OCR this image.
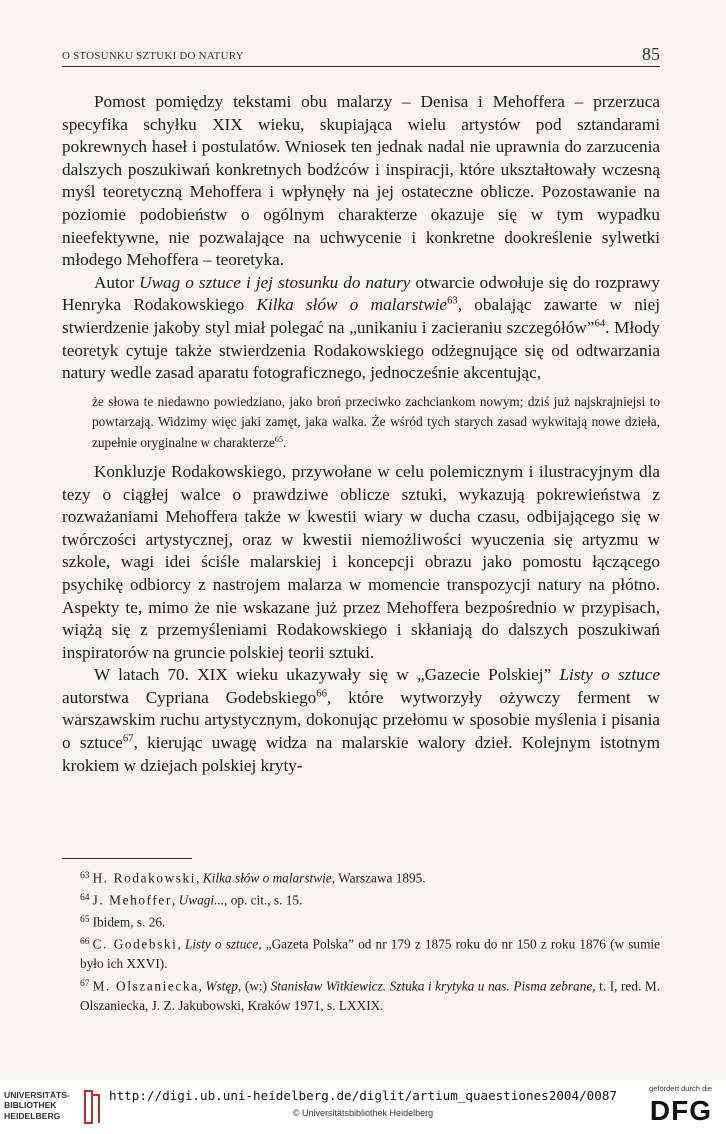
O STOSUNKU SZTUKI DO NATURY	85

Pomost pomiędzy tekstami obu malarzy – Denisa i Mehoffera – przerzuca specyfika schyłku XIX wieku, skupiająca wielu artystów pod sztandarami pokrewnych haseł i postulatów. Wniosek ten jednak nadal nie uprawnia do zarzucenia dalszych poszukiwań konkretnych bodźców i inspiracji, które ukształtowały wczesną myśl teoretyczną Mehoffera i wpłynęły na jej ostateczne oblicze. Pozostawanie na poziomie podobieństw o ogólnym charakterze okazuje się w tym wypadku nieefektywne, nie pozwalające na uchwycenie i konkretne dookreślenie sylwetki młodego Mehoffera – teoretyka.

Autor Uwag o sztuce i jej stosunku do natury otwarcie odwołuje się do rozprawy Henryka Rodakowskiego Kilka słów o malarstwie$^{63}$, obalając zawarte w niej stwierdzenie jakoby styl miał polegać na „unikaniu i zacieraniu szczegółów”$^{64}$. Młody teoretyk cytuje także stwierdzenia Rodakowskiego odżegnujące się od odtwarzania natury wedle zasad aparatu fotograficznego, jednocześnie akcentując,

że słowa te niedawno powiedziano, jako broń przeciwko zachciankom nowym; dziś już najskrajniejsi to powtarzają. Widzimy więc jaki zamęt, jaka walka. Że wśród tych starych zasad wykwitają nowe dzieła, zupełnie oryginalne w charakterze$^{65}$.

Konkluzje Rodakowskiego, przywołane w celu polemicznym i ilustracyjnym dla tezy o ciągłej walce o prawdziwe oblicze sztuki, wykazują pokrewieństwa z rozważaniami Mehoffera także w kwestii wiary w ducha czasu, odbijającego się w twórczości artystycznej, oraz w kwestii niemożliwości wyuczenia się artyzmu w szkole, wagi idei ściśle malarskiej i koncepcji obrazu jako pomostu łączącego psychikę odbiorcy z nastrojem malarza w momencie transpozycji natury na płótno. Aspekty te, mimo że nie wskazane już przez Mehoffera bezpośrednio w przypisach, wiążą się z przemyśleniami Rodakowskiego i skłaniają do dalszych poszukiwań inspiratorów na gruncie polskiej teorii sztuki.

W latach 70. XIX wieku ukazywały się w „Gazecie Polskiej” Listy o sztuce autorstwa Cypriana Godebskiego$^{66}$, które wytworzyły ożywczy ferment w warszawskim ruchu artystycznym, dokonując przełomu w sposobie myślenia i pisania o sztuce$^{67}$, kierując uwagę widza na malarskie walory dzieł. Kolejnym istotnym krokiem w dziejach polskiej kryty-

$^{63}$ H. Rodakowski, Kilka słów o malarstwie, Warszawa 1895.

$^{64}$ J. Mehoffer, Uwagi..., op. cit., s. 15.

$^{65}$ Ibidem, s. 26.

$^{66}$ C. Godebski, Listy o sztuce, „Gazeta Polska” od nr 179 z 1875 roku do nr 150 z roku 1876 (w sumie było ich XXVI).

$^{67}$ M. Olszaniecka, Wstęp, (w:) Stanisław Witkiewicz. Sztuka i krytyka u nas. Pisma zebrane, t. I, red. M. Olszaniecka, J. Z. Jakubowski, Kraków 1971, s. LXXIX.

UNIVERSITÄTS-
BIBLIOTHEK
HEIDELBERG
http://digi.ub.uni-heidelberg.de/diglit/artium_quaestiones2004/0087
© Universitätsbibliothek Heidelberg
gefördert durch die
DFG
